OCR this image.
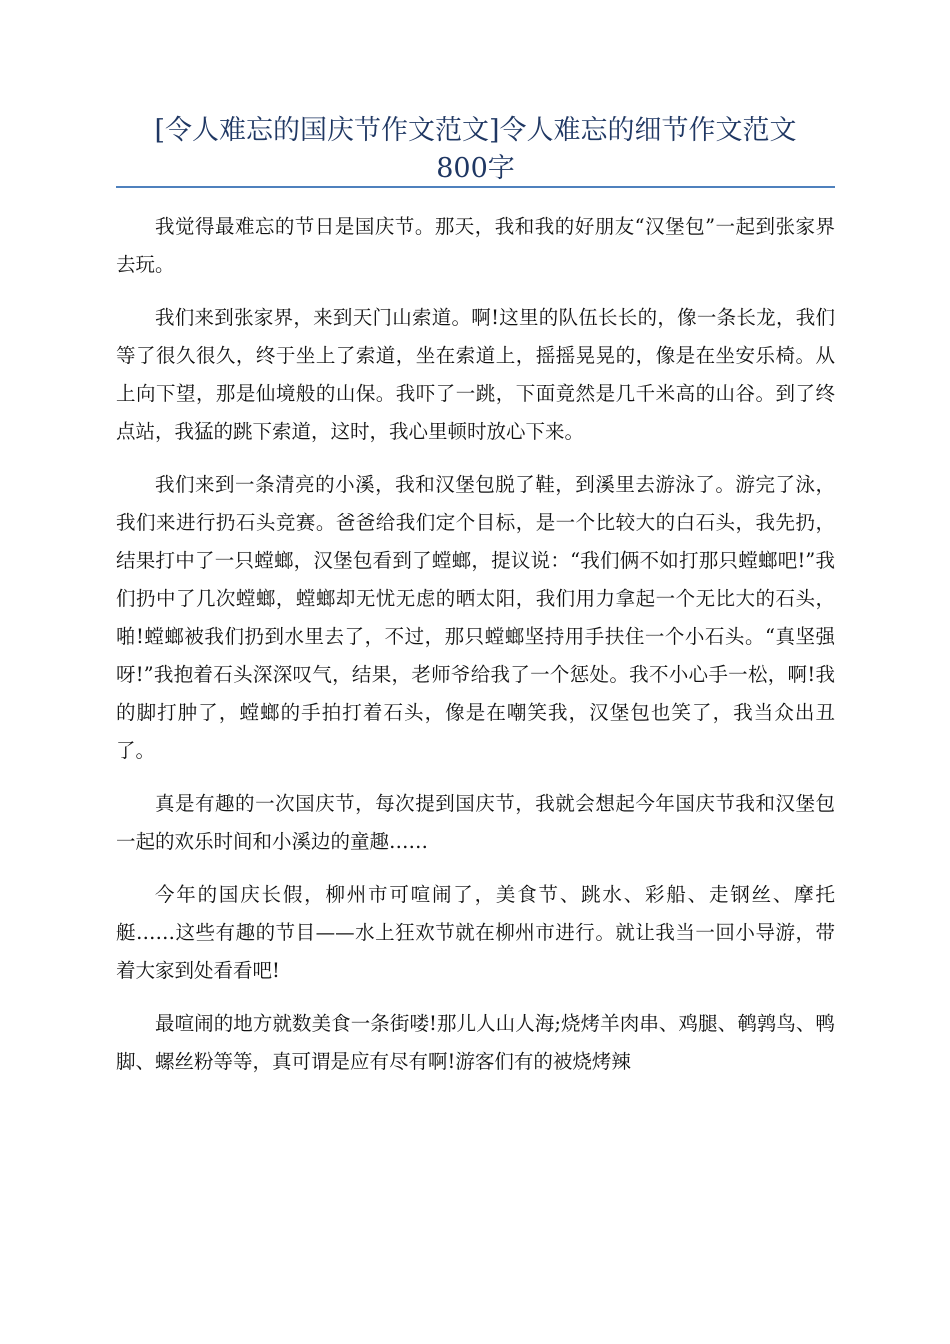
[令人难忘的国庆节作文范文]令人难忘的细节作文范文
800字

我觉得最难忘的节日是国庆节。那天，我和我的好朋友“汉堡包”一起到张家界去玩。

我们来到张家界，来到天门山索道。啊!这里的队伍长长的，像一条长龙，我们等了很久很久，终于坐上了索道，坐在索道上，摇摇晃晃的，像是在坐安乐椅。从上向下望，那是仙境般的山保。我吓了一跳，下面竟然是几千米高的山谷。到了终点站，我猛的跳下索道，这时，我心里顿时放心下来。

我们来到一条清亮的小溪，我和汉堡包脱了鞋，到溪里去游泳了。游完了泳，我们来进行扔石头竞赛。爸爸给我们定个目标，是一个比较大的白石头，我先扔，结果打中了一只螳螂，汉堡包看到了螳螂，提议说：“我们俩不如打那只螳螂吧!”我们扔中了几次螳螂，螳螂却无忧无虑的晒太阳，我们用力拿起一个无比大的石头，啪!螳螂被我们扔到水里去了，不过，那只螳螂坚持用手扶住一个小石头。“真坚强呀!”我抱着石头深深叹气，结果，老师爷给我了一个惩处。我不小心手一松，啊!我的脚打肿了，螳螂的手拍打着石头，像是在嘲笑我，汉堡包也笑了，我当众出丑了。

真是有趣的一次国庆节，每次提到国庆节，我就会想起今年国庆节我和汉堡包一起的欢乐时间和小溪边的童趣……

今年的国庆长假，柳州市可喧闹了，美食节、跳水、彩船、走钢丝、摩托艇……这些有趣的节目——水上狂欢节就在柳州市进行。就让我当一回小导游，带着大家到处看看吧!

最喧闹的地方就数美食一条街喽!那儿人山人海;烧烤羊肉串、鸡腿、鹌鹑鸟、鸭脚、螺丝粉等等，真可谓是应有尽有啊!游客们有的被烧烤辣
